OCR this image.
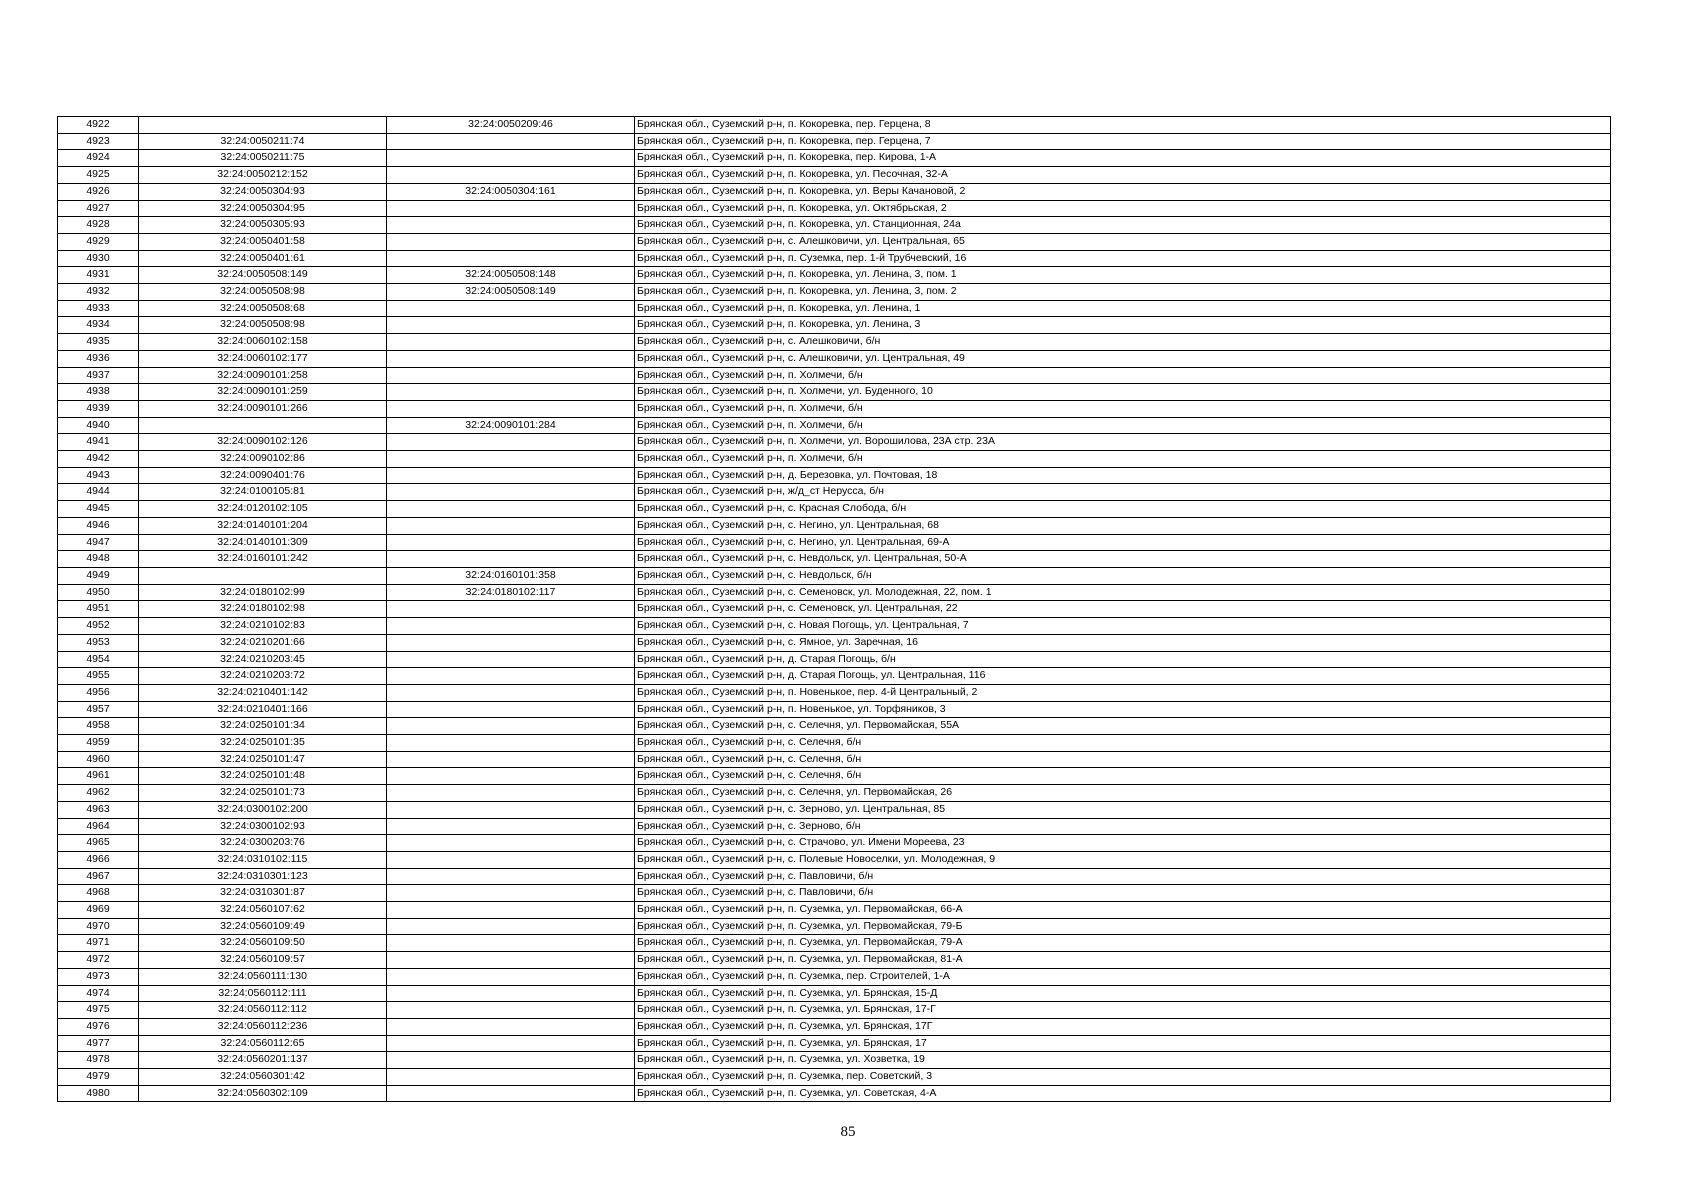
4922		32:24:0050209:46	Брянская обл., Суземский р-н, п. Кокоревка, пер. Герцена, 8
4923	32:24:0050211:74		Брянская обл., Суземский р-н, п. Кокоревка, пер. Герцена, 7
4924	32:24:0050211:75		Брянская обл., Суземский р-н, п. Кокоревка, пер. Кирова, 1-А
4925	32:24:0050212:152		Брянская обл., Суземский р-н, п. Кокоревка, ул. Песочная, 32-А
4926	32:24:0050304:93	32:24:0050304:161	Брянская обл., Суземский р-н, п. Кокоревка, ул. Веры Качановой, 2
4927	32:24:0050304:95		Брянская обл., Суземский р-н, п. Кокоревка, ул. Октябрьская, 2
4928	32:24:0050305:93		Брянская обл., Суземский р-н, п. Кокоревка, ул. Станционная, 24а
4929	32:24:0050401:58		Брянская обл., Суземский р-н, с. Алешковичи, ул. Центральная, 65
4930	32:24:0050401:61		Брянская обл., Суземский р-н, п. Суземка, пер. 1-й Трубчевский, 16
4931	32:24:0050508:149	32:24:0050508:148	Брянская обл., Суземский р-н, п. Кокоревка, ул. Ленина, 3, пом. 1
4932	32:24:0050508:98	32:24:0050508:149	Брянская обл., Суземский р-н, п. Кокоревка, ул. Ленина, 3, пом. 2
4933	32:24:0050508:68		Брянская обл., Суземский р-н, п. Кокоревка, ул. Ленина, 1
4934	32:24:0050508:98		Брянская обл., Суземский р-н, п. Кокоревка, ул. Ленина, 3
4935	32:24:0060102:158		Брянская обл., Суземский р-н, с. Алешковичи, б/н
4936	32:24:0060102:177		Брянская обл., Суземский р-н, с. Алешковичи, ул. Центральная, 49
4937	32:24:0090101:258		Брянская обл., Суземский р-н, п. Холмечи, б/н
4938	32:24:0090101:259		Брянская обл., Суземский р-н, п. Холмечи, ул. Буденного, 10
4939	32:24:0090101:266		Брянская обл., Суземский р-н, п. Холмечи, б/н
4940		32:24:0090101:284	Брянская обл., Суземский р-н, п. Холмечи, б/н
4941	32:24:0090102:126		Брянская обл., Суземский р-н, п. Холмечи, ул. Ворошилова, 23А стр. 23А
4942	32:24:0090102:86		Брянская обл., Суземский р-н, п. Холмечи, б/н
4943	32:24:0090401:76		Брянская обл., Суземский р-н, д. Березовка, ул. Почтовая, 18
4944	32:24:0100105:81		Брянская обл., Суземский р-н, ж/д_ст Нерусса, б/н
4945	32:24:0120102:105		Брянская обл., Суземский р-н, с. Красная Слобода, б/н
4946	32:24:0140101:204		Брянская обл., Суземский р-н, с. Негино, ул. Центральная, 68
4947	32:24:0140101:309		Брянская обл., Суземский р-н, с. Негино, ул. Центральная, 69-А
4948	32:24:0160101:242		Брянская обл., Суземский р-н, с. Невдольск, ул. Центральная, 50-А
4949		32:24:0160101:358	Брянская обл., Суземский р-н, с. Невдольск, б/н
4950	32:24:0180102:99	32:24:0180102:117	Брянская обл., Суземский р-н, с. Семеновск, ул. Молодежная, 22, пом. 1
4951	32:24:0180102:98		Брянская обл., Суземский р-н, с. Семеновск, ул. Центральная, 22
4952	32:24:0210102:83		Брянская обл., Суземский р-н, с. Новая Погощь, ул. Центральная, 7
4953	32:24:0210201:66		Брянская обл., Суземский р-н, с. Ямное, ул. Заречная, 16
4954	32:24:0210203:45		Брянская обл., Суземский р-н, д. Старая Погощь, б/н
4955	32:24:0210203:72		Брянская обл., Суземский р-н, д. Старая Погощь, ул. Центральная, 116
4956	32:24:0210401:142		Брянская обл., Суземский р-н, п. Новенькое, пер. 4-й Центральный, 2
4957	32:24:0210401:166		Брянская обл., Суземский р-н, п. Новенькое, ул. Торфяников, 3
4958	32:24:0250101:34		Брянская обл., Суземский р-н, с. Селечня, ул. Первомайская, 55А
4959	32:24:0250101:35		Брянская обл., Суземский р-н, с. Селечня, б/н
4960	32:24:0250101:47		Брянская обл., Суземский р-н, с. Селечня, б/н
4961	32:24:0250101:48		Брянская обл., Суземский р-н, с. Селечня, б/н
4962	32:24:0250101:73		Брянская обл., Суземский р-н, с. Селечня, ул. Первомайская, 26
4963	32:24:0300102:200		Брянская обл., Суземский р-н, с. Зерново, ул. Центральная, 85
4964	32:24:0300102:93		Брянская обл., Суземский р-н, с. Зерново, б/н
4965	32:24:0300203:76		Брянская обл., Суземский р-н, с. Страчово, ул. Имени Мореева, 23
4966	32:24:0310102:115		Брянская обл., Суземский р-н, с. Полевые Новоселки, ул. Молодежная, 9
4967	32:24:0310301:123		Брянская обл., Суземский р-н, с. Павловичи, б/н
4968	32:24:0310301:87		Брянская обл., Суземский р-н, с. Павловичи, б/н
4969	32:24:0560107:62		Брянская обл., Суземский р-н, п. Суземка, ул. Первомайская, 66-А
4970	32:24:0560109:49		Брянская обл., Суземский р-н, п. Суземка, ул. Первомайская, 79-Б
4971	32:24:0560109:50		Брянская обл., Суземский р-н, п. Суземка, ул. Первомайская, 79-А
4972	32:24:0560109:57		Брянская обл., Суземский р-н, п. Суземка, ул. Первомайская, 81-А
4973	32:24:0560111:130		Брянская обл., Суземский р-н, п. Суземка, пер. Строителей, 1-А
4974	32:24:0560112:111		Брянская обл., Суземский р-н, п. Суземка, ул. Брянская, 15-Д
4975	32:24:0560112:112		Брянская обл., Суземский р-н, п. Суземка, ул. Брянская, 17-Г
4976	32:24:0560112:236		Брянская обл., Суземский р-н, п. Суземка, ул. Брянская, 17Г
4977	32:24:0560112:65		Брянская обл., Суземский р-н, п. Суземка, ул. Брянская, 17
4978	32:24:0560201:137		Брянская обл., Суземский р-н, п. Суземка, ул. Хозветка, 19
4979	32:24:0560301:42		Брянская обл., Суземский р-н, п. Суземка, пер. Советский, 3
4980	32:24:0560302:109		Брянская обл., Суземский р-н, п. Суземка, ул. Советская, 4-А
85
